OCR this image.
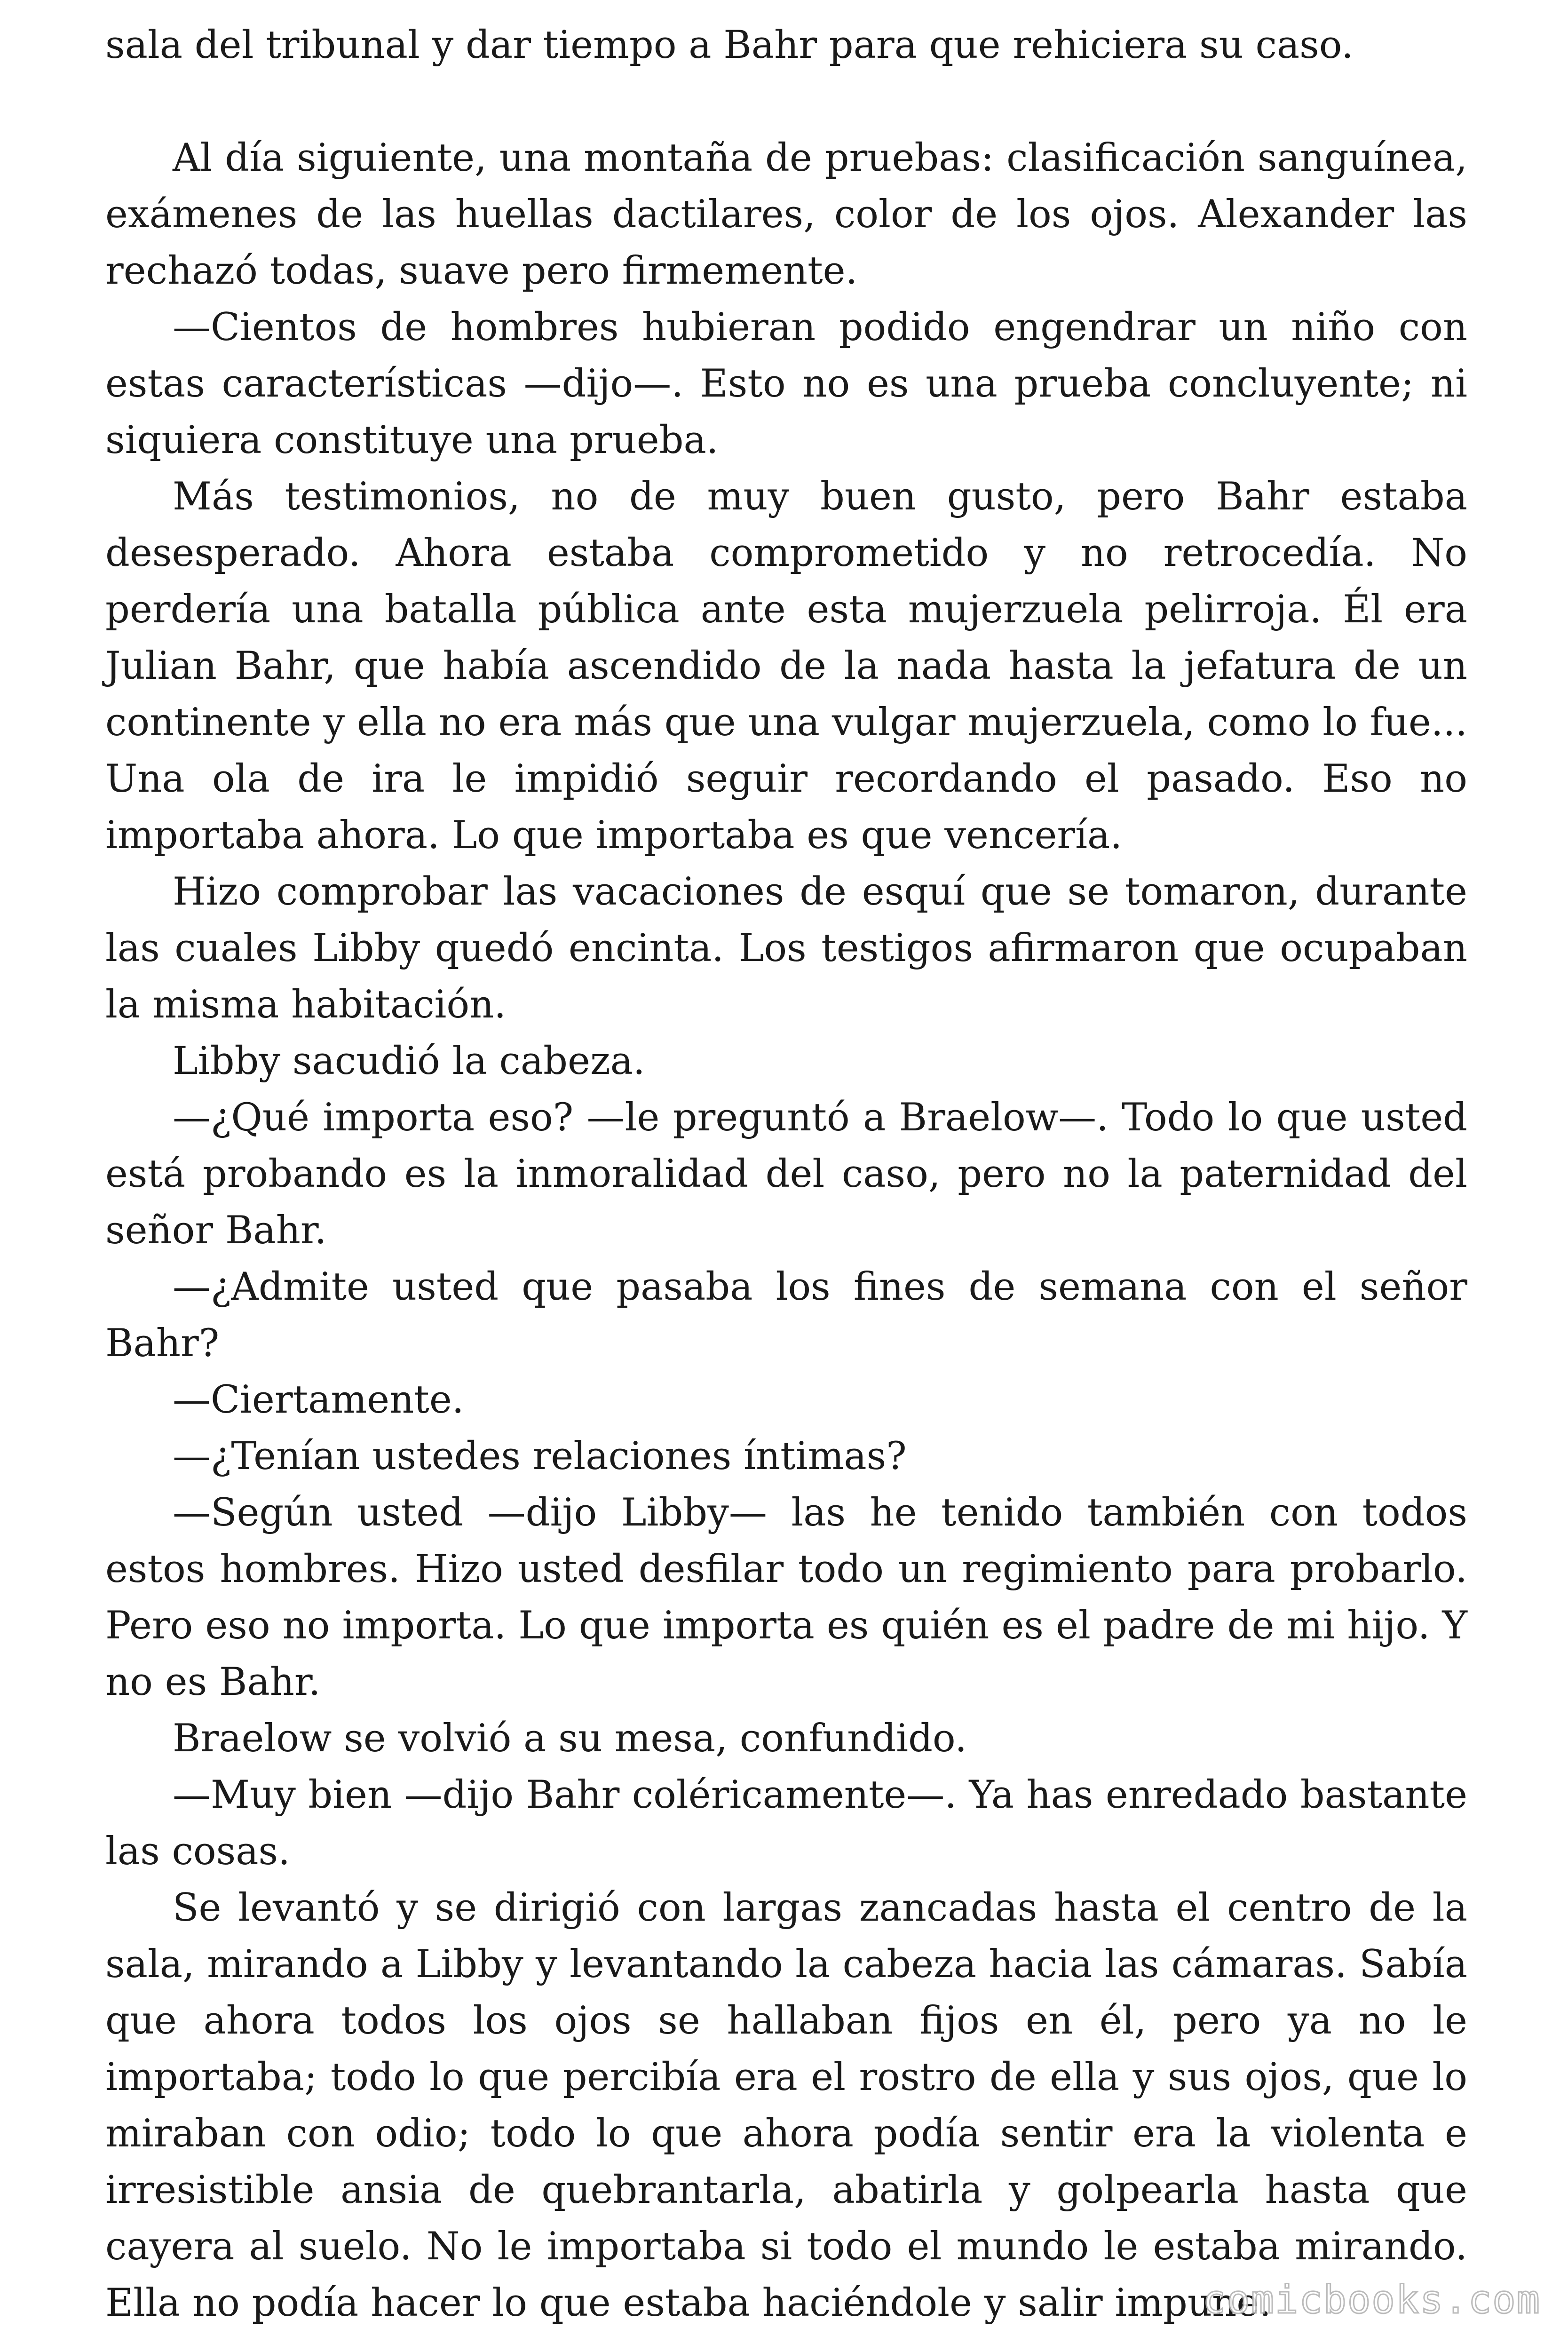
sala del tribunal y dar tiempo a Bahr para que rehiciera su caso.

Al día siguiente, una montaña de pruebas: clasificación sanguínea, exámenes de las huellas dactilares, color de los ojos. Alexander las rechazó todas, suave pero firmemente.

—Cientos de hombres hubieran podido engendrar un niño con estas características —dijo—. Esto no es una prueba concluyente; ni siquiera constituye una prueba.

Más testimonios, no de muy buen gusto, pero Bahr estaba desesperado. Ahora estaba comprometido y no retrocedía. No perdería una batalla pública ante esta mujerzuela pelirroja. Él era Julian Bahr, que había ascendido de la nada hasta la jefatura de un continente y ella no era más que una vulgar mujerzuela, como lo fue... Una ola de ira le impidió seguir recordando el pasado. Eso no importaba ahora. Lo que importaba es que vencería.

Hizo comprobar las vacaciones de esquí que se tomaron, durante las cuales Libby quedó encinta. Los testigos afirmaron que ocupaban la misma habitación.

Libby sacudió la cabeza.

—¿Qué importa eso? —le preguntó a Braelow—. Todo lo que usted está probando es la inmoralidad del caso, pero no la paternidad del señor Bahr.

—¿Admite usted que pasaba los fines de semana con el señor Bahr?

—Ciertamente.

—¿Tenían ustedes relaciones íntimas?

—Según usted —dijo Libby— las he tenido también con todos estos hombres. Hizo usted desfilar todo un regimiento para probarlo. Pero eso no importa. Lo que importa es quién es el padre de mi hijo. Y no es Bahr.

Braelow se volvió a su mesa, confundido.

—Muy bien —dijo Bahr coléricamente—. Ya has enredado bastante las cosas.

Se levantó y se dirigió con largas zancadas hasta el centro de la sala, mirando a Libby y levantando la cabeza hacia las cámaras. Sabía que ahora todos los ojos se hallaban fijos en él, pero ya no le importaba; todo lo que percibía era el rostro de ella y sus ojos, que lo miraban con odio; todo lo que ahora podía sentir era la violenta e irresistible ansia de quebrantarla, abatirla y golpearla hasta que cayera al suelo. No le importaba si todo el mundo le estaba mirando. Ella no podía hacer lo que estaba haciéndole y salir impune.

comicbooks.com
